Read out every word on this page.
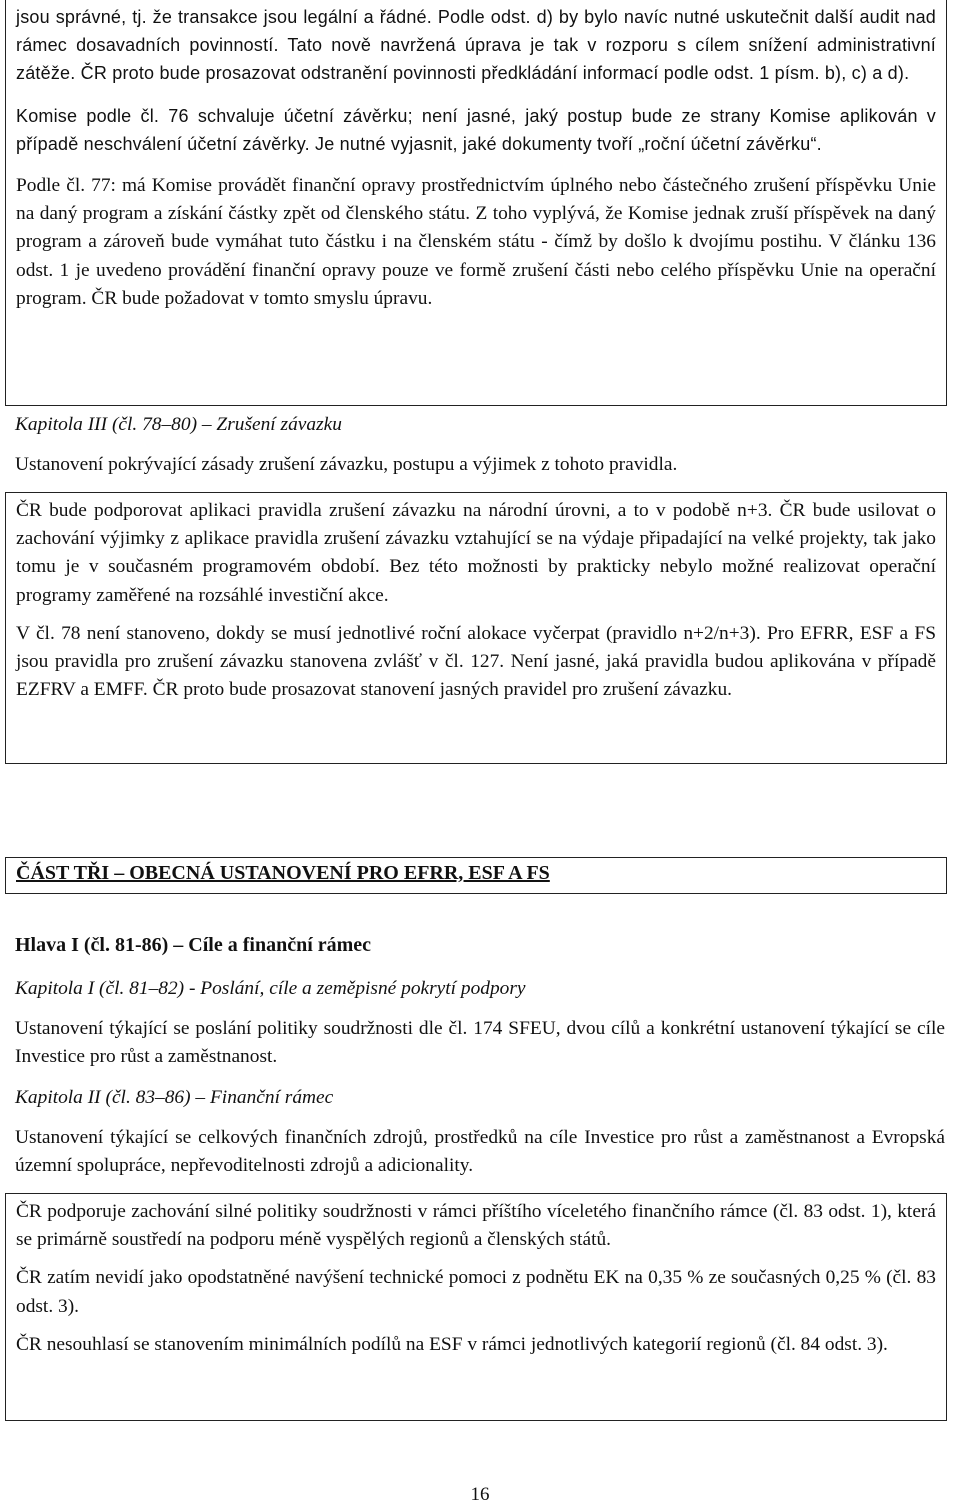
jsou správné, tj. že transakce jsou legální a řádné. Podle odst. d) by bylo navíc nutné uskutečnit další audit nad rámec dosavadních povinností. Tato nově navržená úprava je tak v rozporu s cílem snížení administrativní zátěže. ČR proto bude prosazovat odstranění povinnosti předkládání informací podle odst. 1 písm. b), c) a d).

Komise podle čl. 76 schvaluje účetní závěrku; není jasné, jaký postup bude ze strany Komise aplikován v případě neschválení účetní závěrky. Je nutné vyjasnit, jaké dokumenty tvoří „roční účetní závěrku“.

Podle čl. 77: má Komise provádět finanční opravy prostřednictvím úplného nebo částečného zrušení příspěvku Unie na daný program a získání částky zpět od členského státu. Z toho vyplývá, že Komise jednak zruší příspěvek na daný program a zároveň bude vymáhat tuto částku i na členském státu - čímž by došlo k dvojímu postihu. V článku 136 odst. 1 je uvedeno provádění finanční opravy pouze ve formě zrušení části nebo celého příspěvku Unie na operační program. ČR bude požadovat v tomto smyslu úpravu.

Kapitola III (čl. 78–80) – Zrušení závazku

Ustanovení pokrývající zásady zrušení závazku, postupu a výjimek z tohoto pravidla.

ČR bude podporovat aplikaci pravidla zrušení závazku na národní úrovni, a to v podobě n+3. ČR bude usilovat o zachování výjimky z aplikace pravidla zrušení závazku vztahující se na výdaje připadající na velké projekty, tak jako tomu je v současném programovém období. Bez této možnosti by prakticky nebylo možné realizovat operační programy zaměřené na rozsáhlé investiční akce.

V čl. 78 není stanoveno, dokdy se musí jednotlivé roční alokace vyčerpat (pravidlo n+2/n+3). Pro EFRR, ESF a FS jsou pravidla pro zrušení závazku stanovena zvlášť v čl. 127. Není jasné, jaká pravidla budou aplikována v případě EZFRV a EMFF. ČR proto bude prosazovat stanovení jasných pravidel pro zrušení závazku.

ČÁST TŘI – OBECNÁ USTANOVENÍ PRO EFRR, ESF A FS

Hlava I (čl. 81-86) – Cíle a finanční rámec

Kapitola I (čl. 81–82) - Poslání, cíle a zeměpisné pokrytí podpory

Ustanovení týkající se poslání politiky soudržnosti dle čl. 174 SFEU, dvou cílů a konkrétní ustanovení týkající se cíle Investice pro růst a zaměstnanost.

Kapitola II (čl. 83–86) – Finanční rámec

Ustanovení týkající se celkových finančních zdrojů, prostředků na cíle Investice pro růst a zaměstnanost a Evropská územní spolupráce, nepřevoditelnosti zdrojů a adicionality.

ČR podporuje zachování silné politiky soudržnosti v rámci příštího víceletého finančního rámce (čl. 83 odst. 1), která se primárně soustředí na podporu méně vyspělých regionů a členských států.

ČR zatím nevidí jako opodstatněné navýšení technické pomoci z podnětu EK na 0,35 % ze současných 0,25 % (čl. 83 odst. 3).

ČR nesouhlasí se stanovením minimálních podílů na ESF v rámci jednotlivých kategorií regionů (čl. 84 odst. 3).

16
